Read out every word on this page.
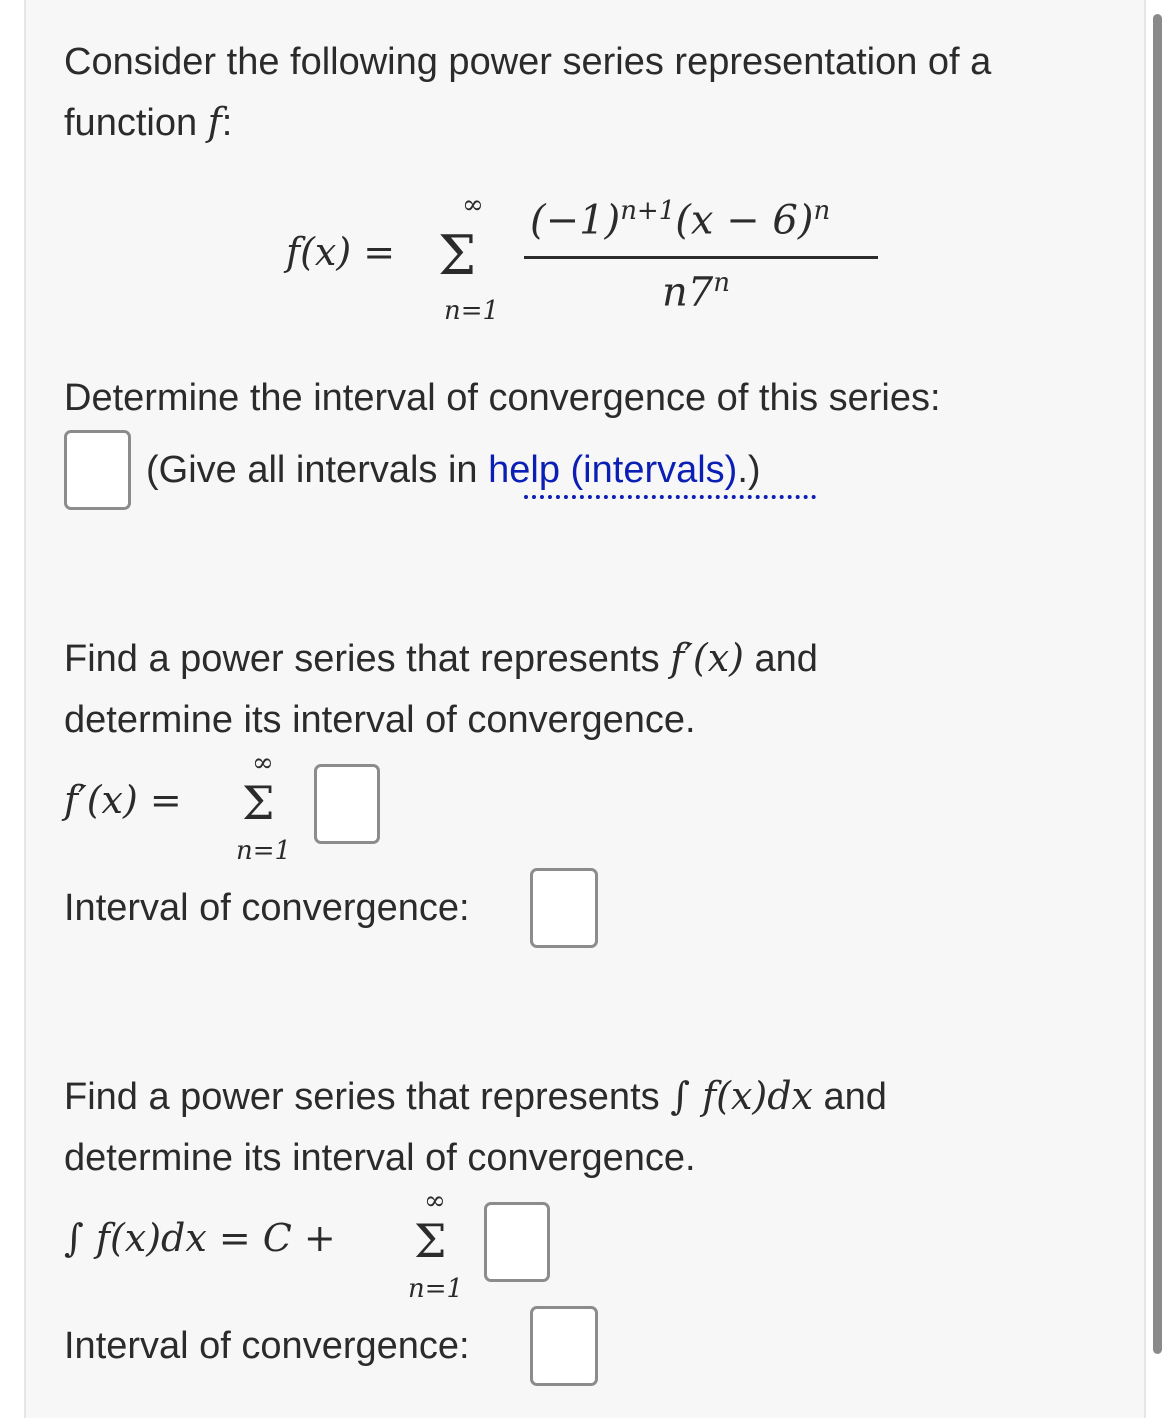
Consider the following power series representation of a
function f:
f(x) =
∞
Σ
n=1
$(-1)^{n+1}(x - 6)^n$
n7$^n$
Determine the interval of convergence of this series:
(Give all intervals in help (intervals).)
Find a power series that represents f′(x) and
determine its interval of convergence.
f′(x) =
∞
Σ
n=1
Interval of convergence:
Find a power series that represents ∫ f(x)dx and
determine its interval of convergence.
∫ f(x)dx = C +
∞
Σ
n=1
Interval of convergence:
